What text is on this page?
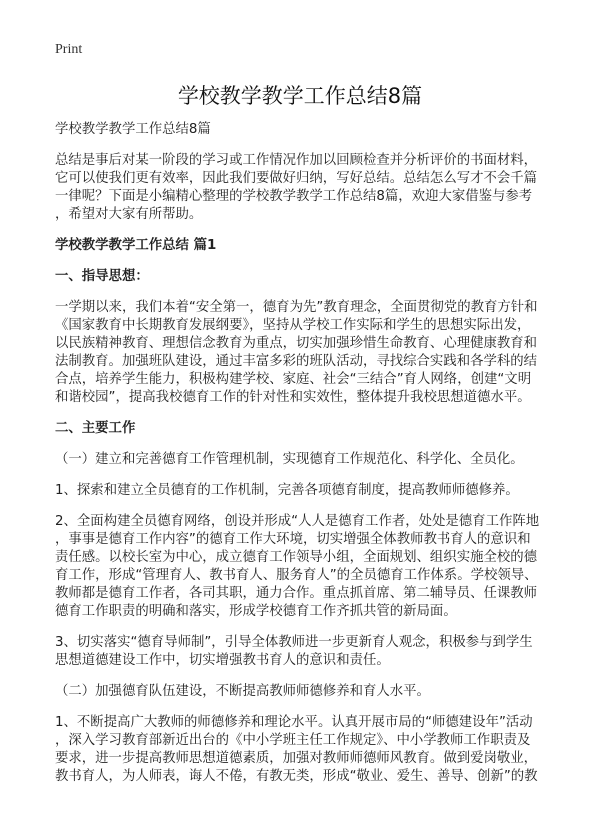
Print
学校教学教学工作总结8篇
学校教学教学工作总结8篇
总结是事后对某一阶段的学习或工作情况作加以回顾检查并分析评价的书面材料，
它可以使我们更有效率，因此我们要做好归纳，写好总结。总结怎么写才不会千篇
一律呢？下面是小编精心整理的学校教学教学工作总结8篇，欢迎大家借鉴与参考
，希望对大家有所帮助。
学校教学教学工作总结 篇1
一、指导思想：
一学期以来，我们本着“安全第一，德育为先”教育理念，全面贯彻党的教育方针和
《国家教育中长期教育发展纲要》，坚持从学校工作实际和学生的思想实际出发，
以民族精神教育、理想信念教育为重点，切实加强珍惜生命教育、心理健康教育和
法制教育。加强班队建设，通过丰富多彩的班队活动，寻找综合实践和各学科的结
合点，培养学生能力，积极构建学校、家庭、社会“三结合”育人网络，创建“文明
和谐校园”，提高我校德育工作的针对性和实效性，整体提升我校思想道德水平。
二、主要工作
（一）建立和完善德育工作管理机制，实现德育工作规范化、科学化、全员化。
1、探索和建立全员德育的工作机制，完善各项德育制度，提高教师师德修养。
2、全面构建全员德育网络，创设并形成“人人是德育工作者，处处是德育工作阵地
，事事是德育工作内容”的德育工作大环境，切实增强全体教师教书育人的意识和
责任感。以校长室为中心，成立德育工作领导小组，全面规划、组织实施全校的德
育工作，形成“管理育人、教书育人、服务育人”的全员德育工作体系。学校领导、
教师都是德育工作者，各司其职，通力合作。重点抓首席、第二辅导员、任课教师
德育工作职责的明确和落实，形成学校德育工作齐抓共管的新局面。
3、切实落实“德育导师制”，引导全体教师进一步更新育人观念，积极参与到学生
思想道德建设工作中，切实增强教书育人的意识和责任。
（二）加强德育队伍建设，不断提高教师师德修养和育人水平。
1、不断提高广大教师的师德修养和理论水平。认真开展市局的“师德建设年”活动
，深入学习教育部新近出台的《中小学班主任工作规定》、中小学教师工作职责及
要求，进一步提高教师思想道德素质，加强对教师师德师风教育。做到爱岗敬业，
教书育人，为人师表，诲人不倦，有教无类，形成“敬业、爱生、善导、创新”的教
